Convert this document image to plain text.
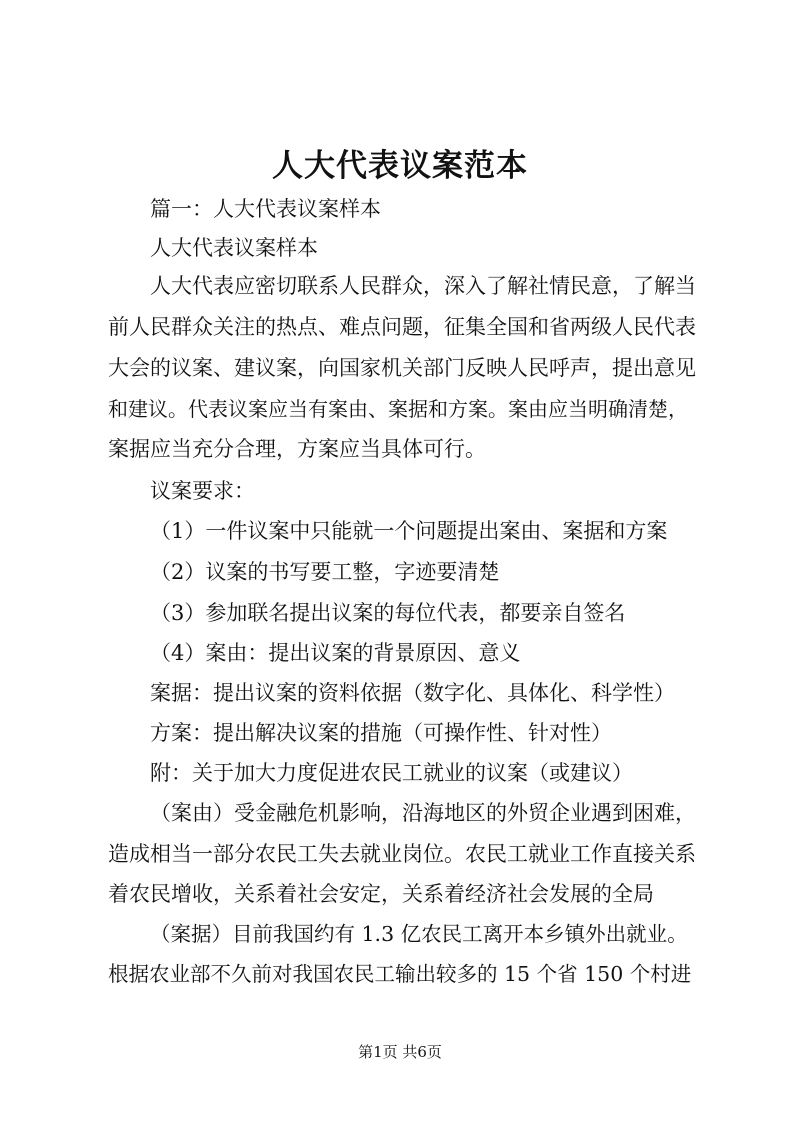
人大代表议案范本

篇一：人大代表议案样本

人大代表议案样本

人大代表应密切联系人民群众，深入了解社情民意，了解当

前人民群众关注的热点、难点问题，征集全国和省两级人民代表

大会的议案、建议案，向国家机关部门反映人民呼声，提出意见

和建议。代表议案应当有案由、案据和方案。案由应当明确清楚，

案据应当充分合理，方案应当具体可行。

议案要求：

（1）一件议案中只能就一个问题提出案由、案据和方案

（2）议案的书写要工整，字迹要清楚

（3）参加联名提出议案的每位代表，都要亲自签名

（4）案由：提出议案的背景原因、意义

案据：提出议案的资料依据（数字化、具体化、科学性）

方案：提出解决议案的措施（可操作性、针对性）

附：关于加大力度促进农民工就业的议案（或建议）

（案由）受金融危机影响，沿海地区的外贸企业遇到困难，

造成相当一部分农民工失去就业岗位。农民工就业工作直接关系

着农民增收，关系着社会安定，关系着经济社会发展的全局

（案据）目前我国约有 1.3 亿农民工离开本乡镇外出就业。

根据农业部不久前对我国农民工输出较多的 15 个省 150 个村进

第1页 共6页
